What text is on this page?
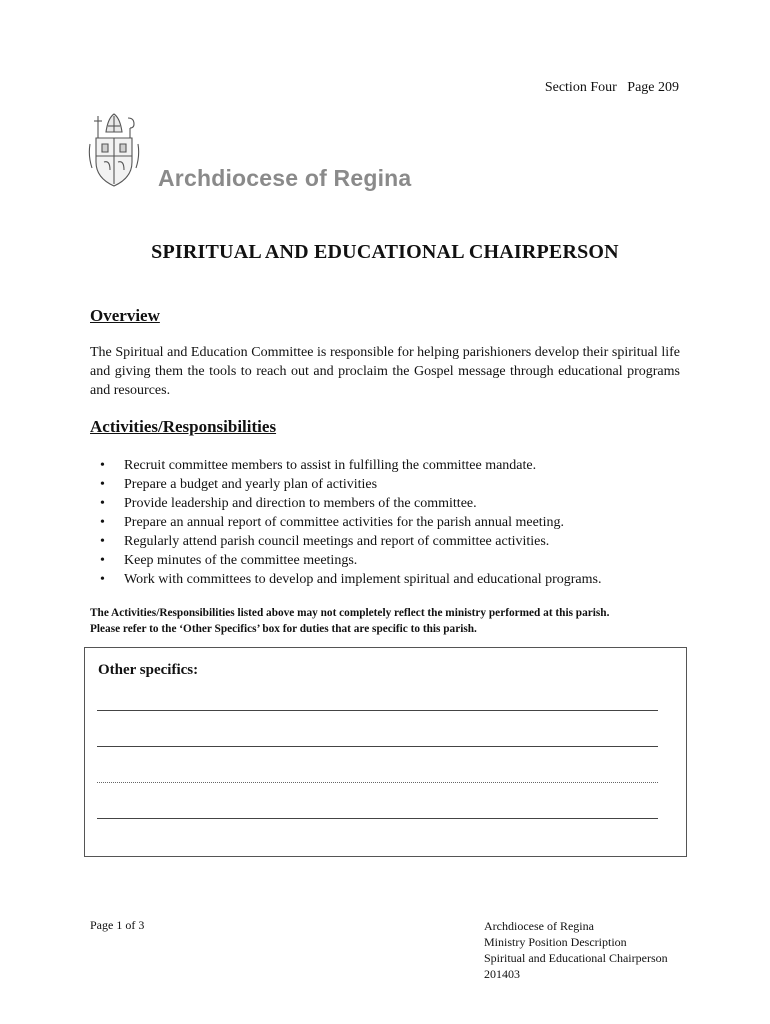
Section Four Page 209
Archdiocese of Regina
SPIRITUAL AND EDUCATIONAL CHAIRPERSON
Overview
The Spiritual and Education Committee is responsible for helping parishioners develop their spiritual life and giving them the tools to reach out and proclaim the Gospel message through educational programs and resources.
Activities/Responsibilities
• Recruit committee members to assist in fulfilling the committee mandate.
• Prepare a budget and yearly plan of activities
• Provide leadership and direction to members of the committee.
• Prepare an annual report of committee activities for the parish annual meeting.
• Regularly attend parish council meetings and report of committee activities.
• Keep minutes of the committee meetings.
• Work with committees to develop and implement spiritual and educational programs.
The Activities/Responsibilities listed above may not completely reflect the ministry performed at this parish.
Please refer to the ‘Other Specifics’ box for duties that are specific to this parish.
Other specifics:
Page 1 of 3	Archdiocese of Regina
Ministry Position Description
Spiritual and Educational Chairperson
201403
